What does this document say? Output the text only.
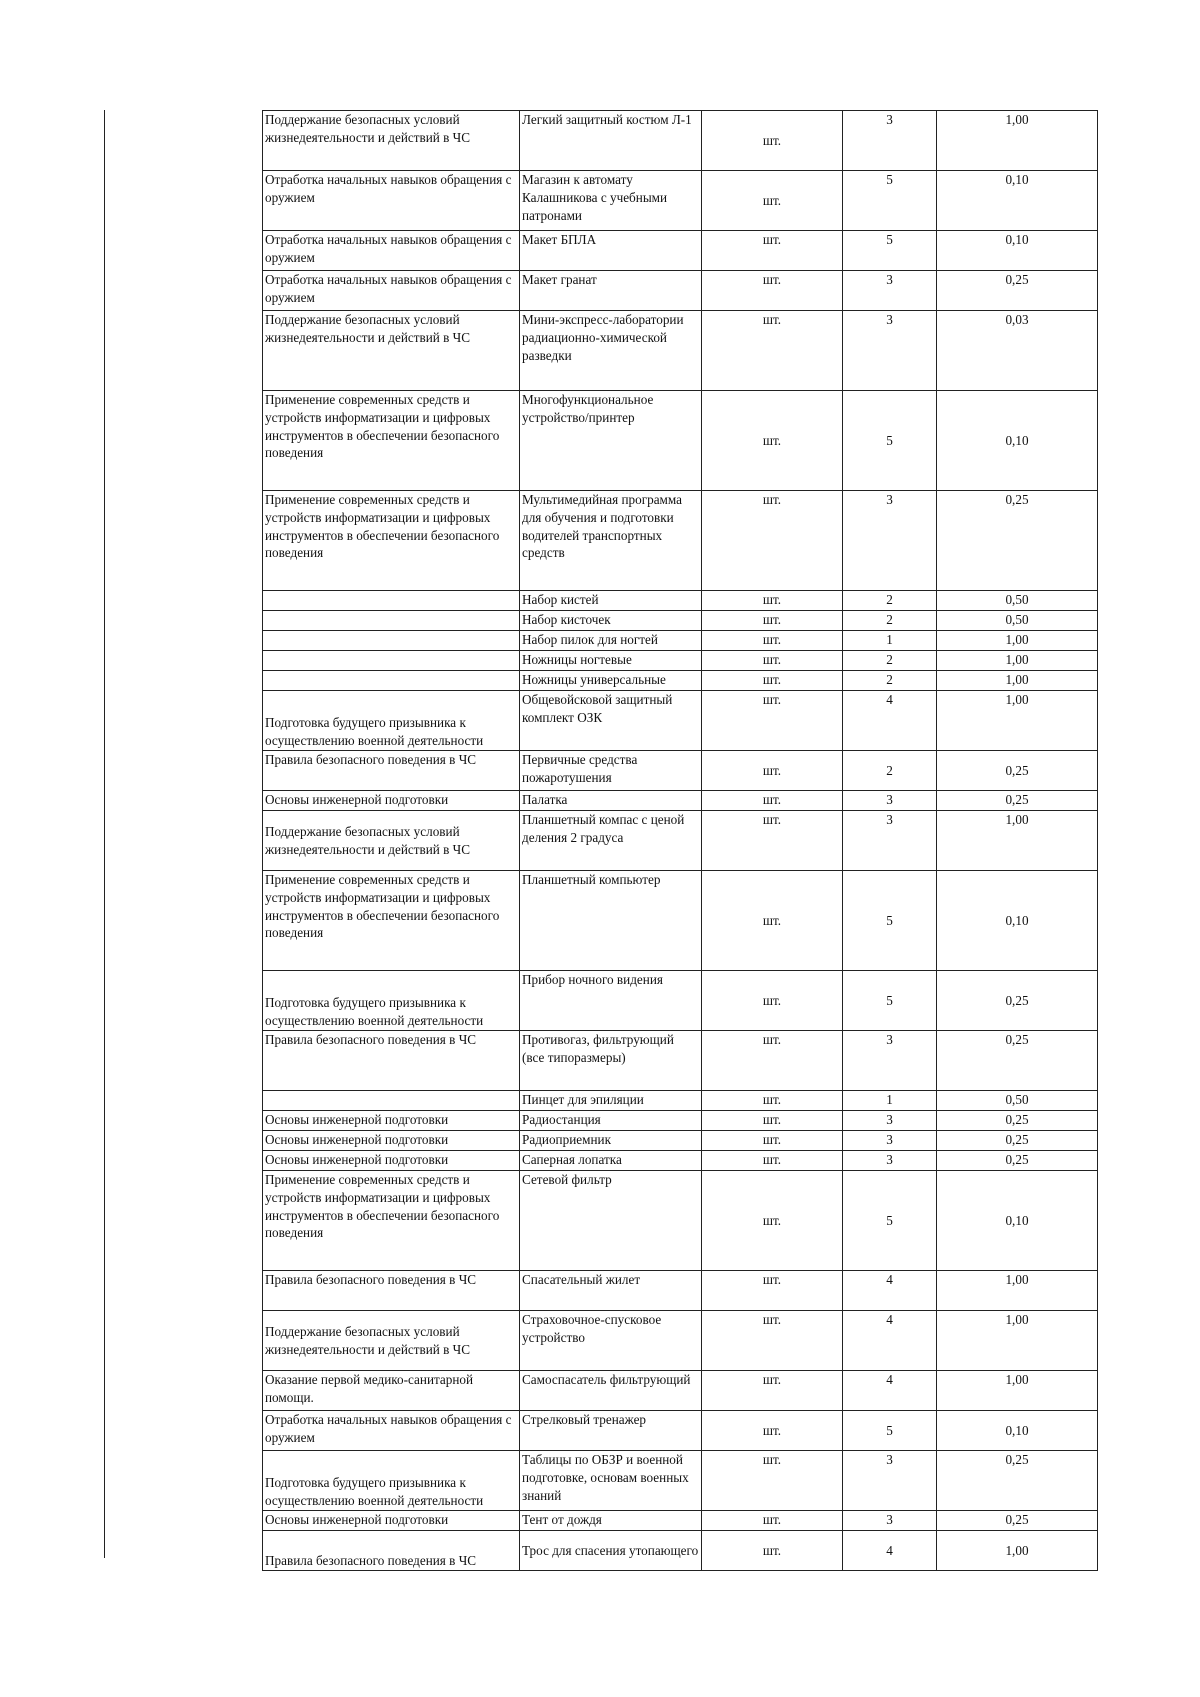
Поддержание безопасных условий жизнедеятельности и действий в ЧС	Легкий защитный костюм Л-1	шт.	3	1,00
Отработка начальных навыков обращения с оружием	Магазин к автомату Калашникова с учебными патронами	шт.	5	0,10
Отработка начальных навыков обращения с оружием	Макет БПЛА	шт.	5	0,10
Отработка начальных навыков обращения с оружием	Макет гранат	шт.	3	0,25
Поддержание безопасных условий жизнедеятельности и действий в ЧС	Мини-экспресс-лаборатории радиационно-химической разведки	шт.	3	0,03
Применение современных средств и устройств информатизации и цифровых инструментов в обеспечении безопасного поведения	Многофункциональное устройство/принтер	шт.	5	0,10
Применение современных средств и устройств информатизации и цифровых инструментов в обеспечении безопасного поведения	Мультимедийная программа для обучения и подготовки водителей транспортных средств	шт.	3	0,25
	Набор кистей	шт.	2	0,50
	Набор кисточек	шт.	2	0,50
	Набор пилок для ногтей	шт.	1	1,00
	Ножницы ногтевые	шт.	2	1,00
	Ножницы универсальные	шт.	2	1,00
Подготовка будущего призывника к осуществлению военной деятельности	Общевойсковой защитный комплект ОЗК	шт.	4	1,00
Правила безопасного поведения в ЧС	Первичные средства пожаротушения	шт.	2	0,25
Основы инженерной подготовки	Палатка	шт.	3	0,25
Поддержание безопасных условий жизнедеятельности и действий в ЧС	Планшетный компас с ценой деления 2 градуса	шт.	3	1,00
Применение современных средств и устройств информатизации и цифровых инструментов в обеспечении безопасного поведения	Планшетный компьютер	шт.	5	0,10
Подготовка будущего призывника к осуществлению военной деятельности	Прибор ночного видения	шт.	5	0,25
Правила безопасного поведения в ЧС	Противогаз, фильтрующий (все типоразмеры)	шт.	3	0,25
	Пинцет для эпиляции	шт.	1	0,50
Основы инженерной подготовки	Радиостанция	шт.	3	0,25
Основы инженерной подготовки	Радиоприемник	шт.	3	0,25
Основы инженерной подготовки	Саперная лопатка	шт.	3	0,25
Применение современных средств и устройств информатизации и цифровых инструментов в обеспечении безопасного поведения	Сетевой фильтр	шт.	5	0,10
Правила безопасного поведения в ЧС	Спасательный жилет	шт.	4	1,00
Поддержание безопасных условий жизнедеятельности и действий в ЧС	Страховочное-спусковое устройство	шт.	4	1,00
Оказание первой медико-санитарной помощи.	Самоспасатель фильтрующий	шт.	4	1,00
Отработка начальных навыков обращения с оружием	Стрелковый тренажер	шт.	5	0,10
Подготовка будущего призывника к осуществлению военной деятельности	Таблицы по ОБЗР и военной подготовке, основам военных знаний	шт.	3	0,25
Основы инженерной подготовки	Тент от дождя	шт.	3	0,25
Правила безопасного поведения в ЧС	Трос для спасения утопающего	шт.	4	1,00
